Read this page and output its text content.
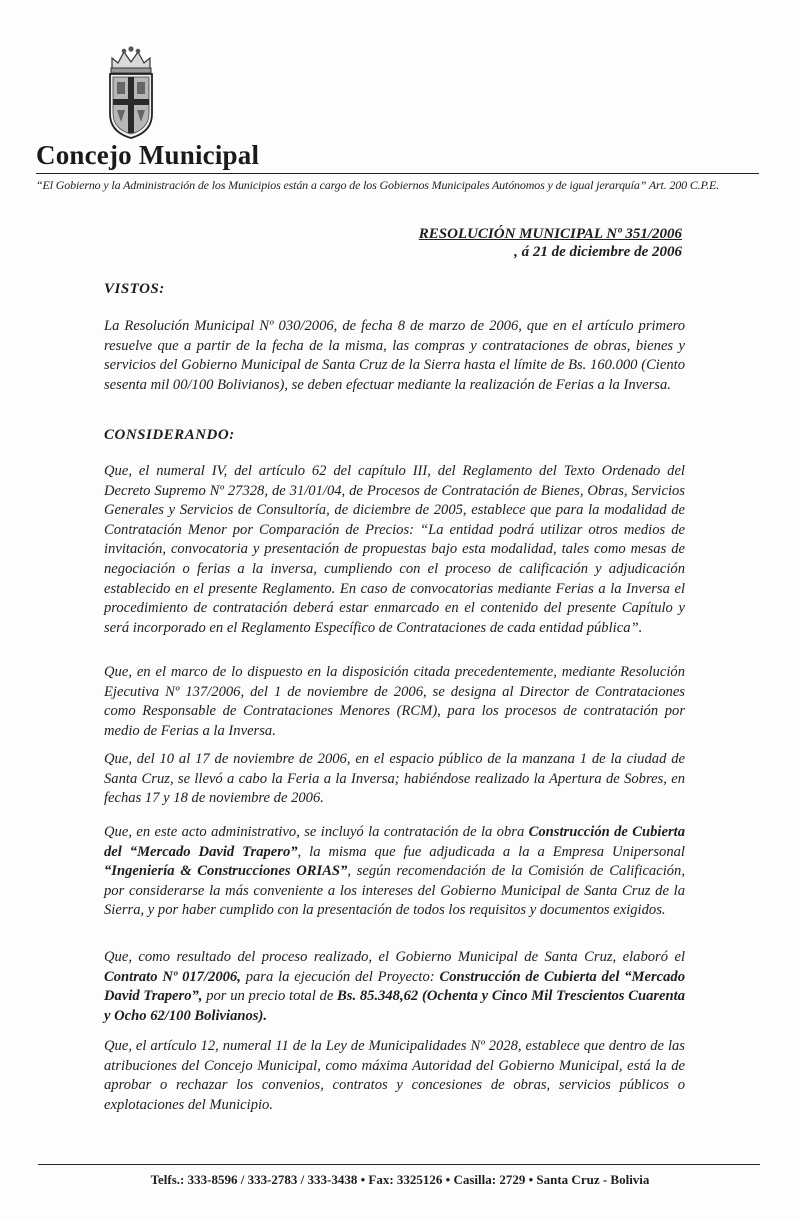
Concejo Municipal
“El Gobierno y la Administración de los Municipios están a cargo de los Gobiernos Municipales Autónomos y de igual jerarquía” Art. 200 C.P.E.
RESOLUCIÓN MUNICIPAL Nº 351/2006
, á 21 de diciembre de 2006
VISTOS:
La Resolución Municipal Nº 030/2006, de fecha 8 de marzo de 2006, que en el artículo primero resuelve que a partir de la fecha de la misma, las compras y contrataciones de obras, bienes y servicios del Gobierno Municipal de Santa Cruz de la Sierra hasta el límite de Bs. 160.000 (Ciento sesenta mil 00/100 Bolivianos), se deben efectuar mediante la realización de Ferias a la Inversa.
CONSIDERANDO:
Que, el numeral IV, del artículo 62 del capítulo III, del Reglamento del Texto Ordenado del Decreto Supremo Nº 27328, de 31/01/04, de Procesos de Contratación de Bienes, Obras, Servicios Generales y Servicios de Consultoría, de diciembre de 2005, establece que para la modalidad de Contratación Menor por Comparación de Precios: “La entidad podrá utilizar otros medios de invitación, convocatoria y presentación de propuestas bajo esta modalidad, tales como mesas de negociación o ferias a la inversa, cumpliendo con el proceso de calificación y adjudicación establecido en el presente Reglamento. En caso de convocatorias mediante Ferias a la Inversa el procedimiento de contratación deberá estar enmarcado en el contenido del presente Capítulo y será incorporado en el Reglamento Específico de Contrataciones de cada entidad pública”.
Que, en el marco de lo dispuesto en la disposición citada precedentemente, mediante Resolución Ejecutiva Nº 137/2006, del 1 de noviembre de 2006, se designa al Director de Contrataciones como Responsable de Contrataciones Menores (RCM), para los procesos de contratación por medio de Ferias a la Inversa.
Que, del 10 al 17 de noviembre de 2006, en el espacio público de la manzana 1 de la ciudad de Santa Cruz, se llevó a cabo la Feria a la Inversa; habiéndose realizado la Apertura de Sobres, en fechas 17 y 18 de noviembre de 2006.
Que, en este acto administrativo, se incluyó la contratación de la obra Construcción de Cubierta del “Mercado David Trapero”, la misma que fue adjudicada a la a Empresa Unipersonal “Ingeniería & Construcciones ORIAS”, según recomendación de la Comisión de Calificación, por considerarse la más conveniente a los intereses del Gobierno Municipal de Santa Cruz de la Sierra, y por haber cumplido con la presentación de todos los requisitos y documentos exigidos.
Que, como resultado del proceso realizado, el Gobierno Municipal de Santa Cruz, elaboró el Contrato Nº 017/2006, para la ejecución del Proyecto: Construcción de Cubierta del “Mercado David Trapero”, por un precio total de Bs. 85.348,62 (Ochenta y Cinco Mil Trescientos Cuarenta y Ocho 62/100 Bolivianos).
Que, el artículo 12, numeral 11 de la Ley de Municipalidades Nº 2028, establece que dentro de las atribuciones del Concejo Municipal, como máxima Autoridad del Gobierno Municipal, está la de aprobar o rechazar los convenios, contratos y concesiones de obras, servicios públicos o explotaciones del Municipio.
Telfs.: 333-8596 / 333-2783 / 333-3438 • Fax: 3325126 • Casilla: 2729 • Santa Cruz - Bolivia
